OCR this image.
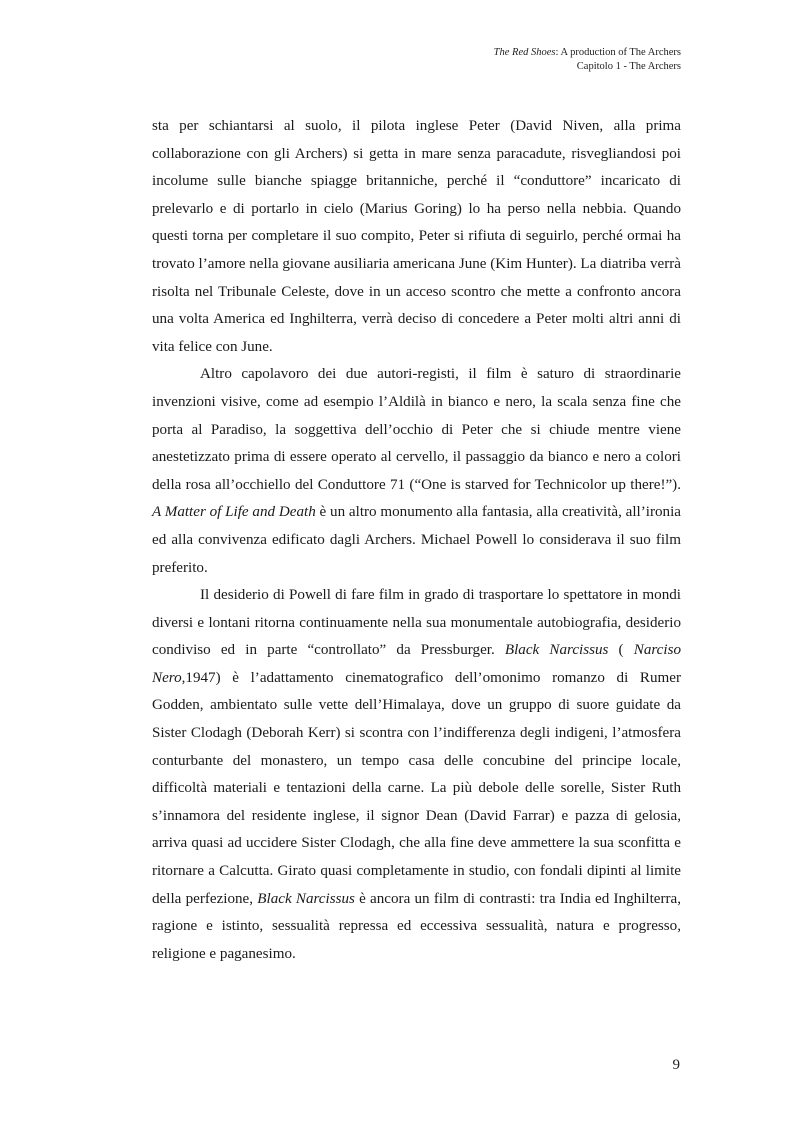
The Red Shoes: A production of The Archers
Capitolo 1 - The Archers

sta per schiantarsi al suolo, il pilota inglese Peter (David Niven, alla prima collaborazione con gli Archers) si getta in mare senza paracadute, risvegliandosi poi incolume sulle bianche spiagge britanniche, perché il “conduttore” incaricato di prelevarlo e di portarlo in cielo (Marius Goring) lo ha perso nella nebbia. Quando questi torna per completare il suo compito, Peter si rifiuta di seguirlo, perché ormai ha trovato l’amore nella giovane ausiliaria americana June (Kim Hunter). La diatriba verrà risolta nel Tribunale Celeste, dove in un acceso scontro che mette a confronto ancora una volta America ed Inghilterra, verrà deciso di concedere a Peter molti altri anni di vita felice con June.

Altro capolavoro dei due autori-registi, il film è saturo di straordinarie invenzioni visive, come ad esempio l’Aldilà in bianco e nero, la scala senza fine che porta al Paradiso, la soggettiva dell’occhio di Peter che si chiude mentre viene anestetizzato prima di essere operato al cervello, il passaggio da bianco e nero a colori della rosa all’occhiello del Conduttore 71 (“One is starved for Technicolor up there!”). A Matter of Life and Death è un altro monumento alla fantasia, alla creatività, all’ironia ed alla convivenza edificato dagli Archers. Michael Powell lo considerava il suo film preferito.

Il desiderio di Powell di fare film in grado di trasportare lo spettatore in mondi diversi e lontani ritorna continuamente nella sua monumentale autobiografia, desiderio condiviso ed in parte “controllato” da Pressburger. Black Narcissus ( Narciso Nero,1947) è l’adattamento cinematografico dell’omonimo romanzo di Rumer Godden, ambientato sulle vette dell’Himalaya, dove un gruppo di suore guidate da Sister Clodagh (Deborah Kerr) si scontra con l’indifferenza degli indigeni, l’atmosfera conturbante del monastero, un tempo casa delle concubine del principe locale, difficoltà materiali e tentazioni della carne. La più debole delle sorelle, Sister Ruth s’innamora del residente inglese, il signor Dean (David Farrar) e pazza di gelosia, arriva quasi ad uccidere Sister Clodagh, che alla fine deve ammettere la sua sconfitta e ritornare a Calcutta. Girato quasi completamente in studio, con fondali dipinti al limite della perfezione, Black Narcissus è ancora un film di contrasti: tra India ed Inghilterra, ragione e istinto, sessualità repressa ed eccessiva sessualità, natura e progresso, religione e paganesimo.

9
